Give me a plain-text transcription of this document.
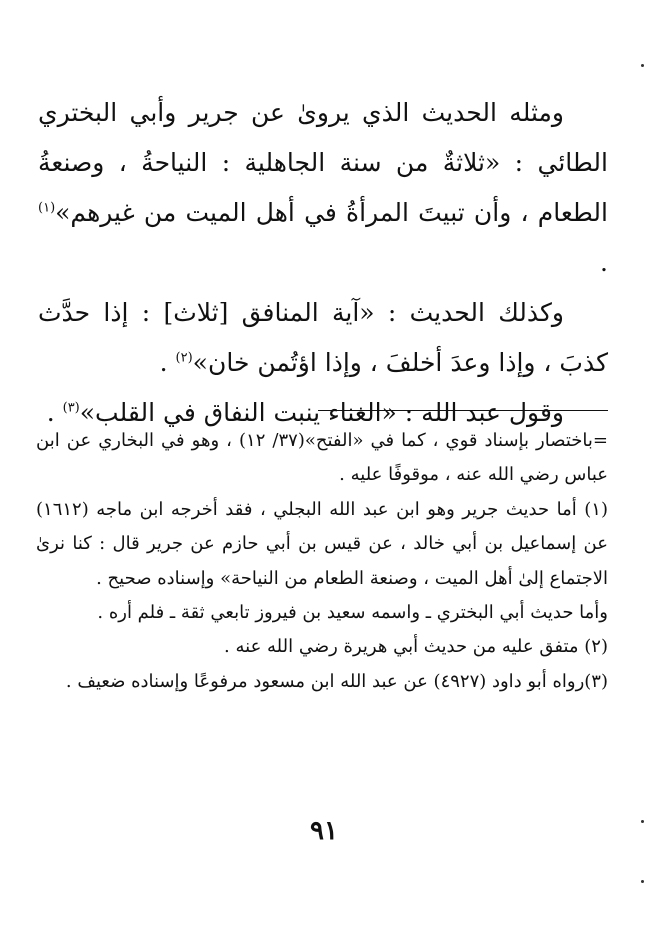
ومثله الحديث الذي يروىٰ عن جرير وأبي البختري الطائي : «ثلاثةٌ من سنة الجاهلية : النياحةُ ، وصنعةُ الطعام ، وأن تبيتَ المرأةُ في أهل الميت من غيرهم»$^{(١)}$ .

وكذلك الحديث : «آية المنافق [ثلاث] : إذا حدَّث كذبَ ، وإذا وعدَ أخلفَ ، وإذا اؤتُمن خان»$^{(٢)}$ .

وقول عبد الله : «الغناء ينبت النفاق في القلب»$^{(٣)}$ .

=باختصار بإسناد قوي ، كما في «الفتح»(٣٧/ ١٢) ، وهو في البخاري عن ابن عباس رضي الله عنه ، موقوفًا عليه .

(١) أما حديث جرير وهو ابن عبد الله البجلي ، فقد أخرجه ابن ماجه (١٦١٢) عن إسماعيل بن أبي خالد ، عن قيس بن أبي حازم عن جرير قال : كنا نرىٰ الاجتماع إلىٰ أهل الميت ، وصنعة الطعام من النياحة» وإسناده صحيح .

وأما حديث أبي البختري ـ واسمه سعيد بن فيروز تابعي ثقة ـ فلم أره .

(٢) متفق عليه من حديث أبي هريرة رضي الله عنه .

(٣)رواه أبو داود (٤٩٢٧) عن عبد الله ابن مسعود مرفوعًا وإسناده ضعيف .

٩١
